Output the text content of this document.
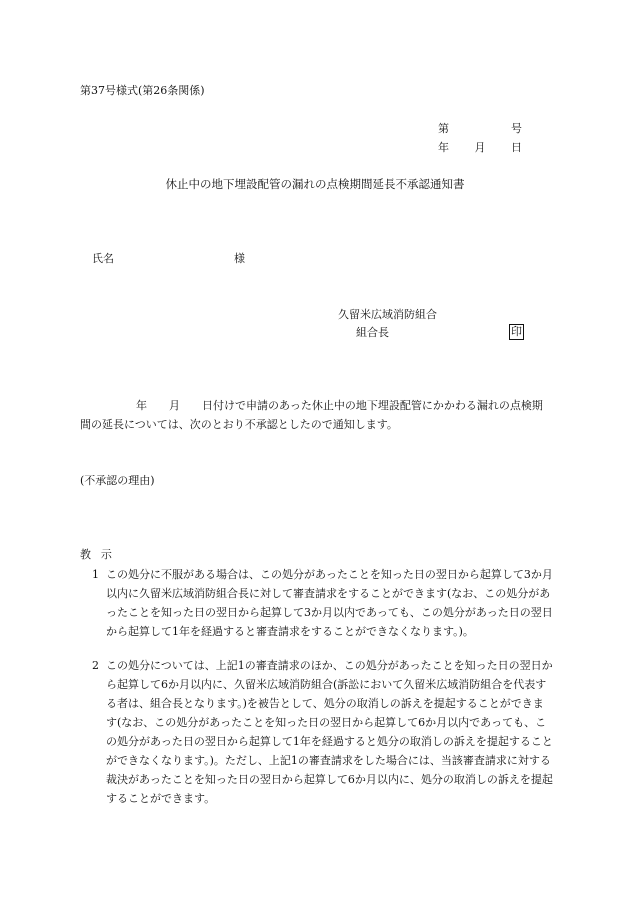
第37号様式(第26条関係)
第	号
年 月 日
休止中の地下埋設配管の漏れの点検期間延長不承認通知書
氏名	様
久留米広域消防組合
組合長	印
年 月 日付けで申請のあった休止中の地下埋設配管にかかわる漏れの点検期間の延長については、次のとおり不承認としたので通知します。
(不承認の理由)
教示
1 この処分に不服がある場合は、この処分があったことを知った日の翌日から起算して3か月以内に久留米広域消防組合長に対して審査請求をすることができます(なお、この処分があったことを知った日の翌日から起算して3か月以内であっても、この処分があった日の翌日から起算して1年を経過すると審査請求をすることができなくなります。)。
2 この処分については、上記1の審査請求のほか、この処分があったことを知った日の翌日から起算して6か月以内に、久留米広域消防組合(訴訟において久留米広域消防組合を代表する者は、組合長となります。)を被告として、処分の取消しの訴えを提起することができます(なお、この処分があったことを知った日の翌日から起算して6か月以内であっても、この処分があった日の翌日から起算して1年を経過すると処分の取消しの訴えを提起することができなくなります。)。ただし、上記1の審査請求をした場合には、当該審査請求に対する裁決があったことを知った日の翌日から起算して6か月以内に、処分の取消しの訴えを提起することができます。
